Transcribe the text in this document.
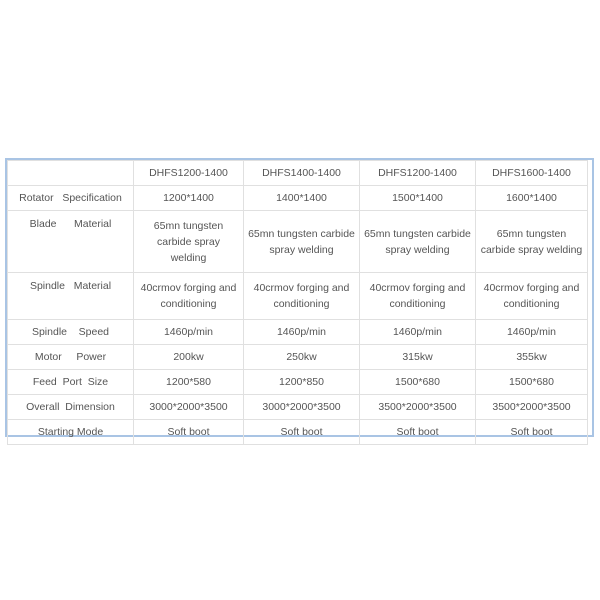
	DHFS1200-1400	DHFS1400-1400	DHFS1200-1400	DHFS1600-1400
Rotator   Specification	1200*1400	1400*1400	1500*1400	1600*1400
Blade      Material	65mn tungsten carbide spray welding	65mn tungsten carbide spray welding	65mn tungsten carbide spray welding	65mn tungsten carbide spray welding
Spindle   Material	40crmov forging and conditioning	40crmov forging and conditioning	40crmov forging and conditioning	40crmov forging and conditioning
Spindle    Speed	1460p/min	1460p/min	1460p/min	1460p/min
Motor     Power	200kw	250kw	315kw	355kw
Feed  Port  Size	1200*580	1200*850	1500*680	1500*680
Overall  Dimension	3000*2000*3500	3000*2000*3500	3500*2000*3500	3500*2000*3500
Starting Mode	Soft boot	Soft boot	Soft boot	Soft boot
